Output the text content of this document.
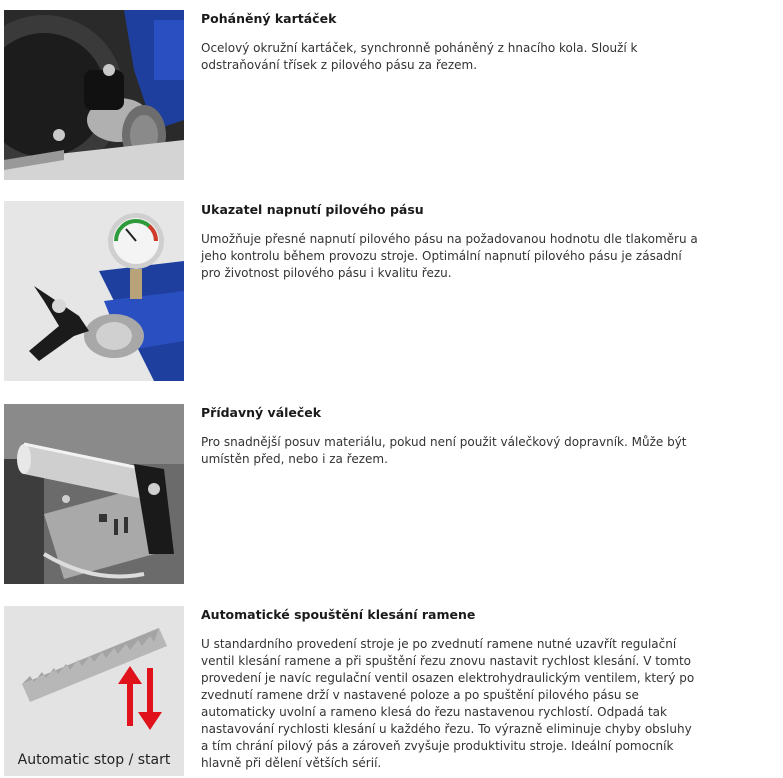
Poháněný kartáček

Ocelový okružní kartáček, synchronně poháněný z hnacího kola. Slouží k odstraňování třísek z pilového pásu za řezem.

Ukazatel napnutí pilového pásu

Umožňuje přesné napnutí pilového pásu na požadovanou hodnotu dle tlakoměru a jeho kontrolu během provozu stroje. Optimální napnutí pilového pásu je zásadní pro životnost pilového pásu i kvalitu řezu.

Přídavný váleček

Pro snadnější posuv materiálu, pokud není použit válečkový dopravník. Může být umístěn před, nebo i za řezem.

Automatic stop / start

Automatické spouštění klesání ramene

U standardního provedení stroje je po zvednutí ramene nutné uzavřít regulační ventil klesání ramene a při spuštění řezu znovu nastavit rychlost klesání. V tomto provedení je navíc regulační ventil osazen elektrohydraulickým ventilem, který po zvednutí ramene drží v nastavené poloze a po spuštění pilového pásu se automaticky uvolní a rameno klesá do řezu nastavenou rychlostí. Odpadá tak nastavování rychlosti klesání u každého řezu. To výrazně eliminuje chyby obsluhy a tím chrání pilový pás a zároveň zvyšuje produktivitu stroje. Ideální pomocník hlavně při dělení větších sérií.
